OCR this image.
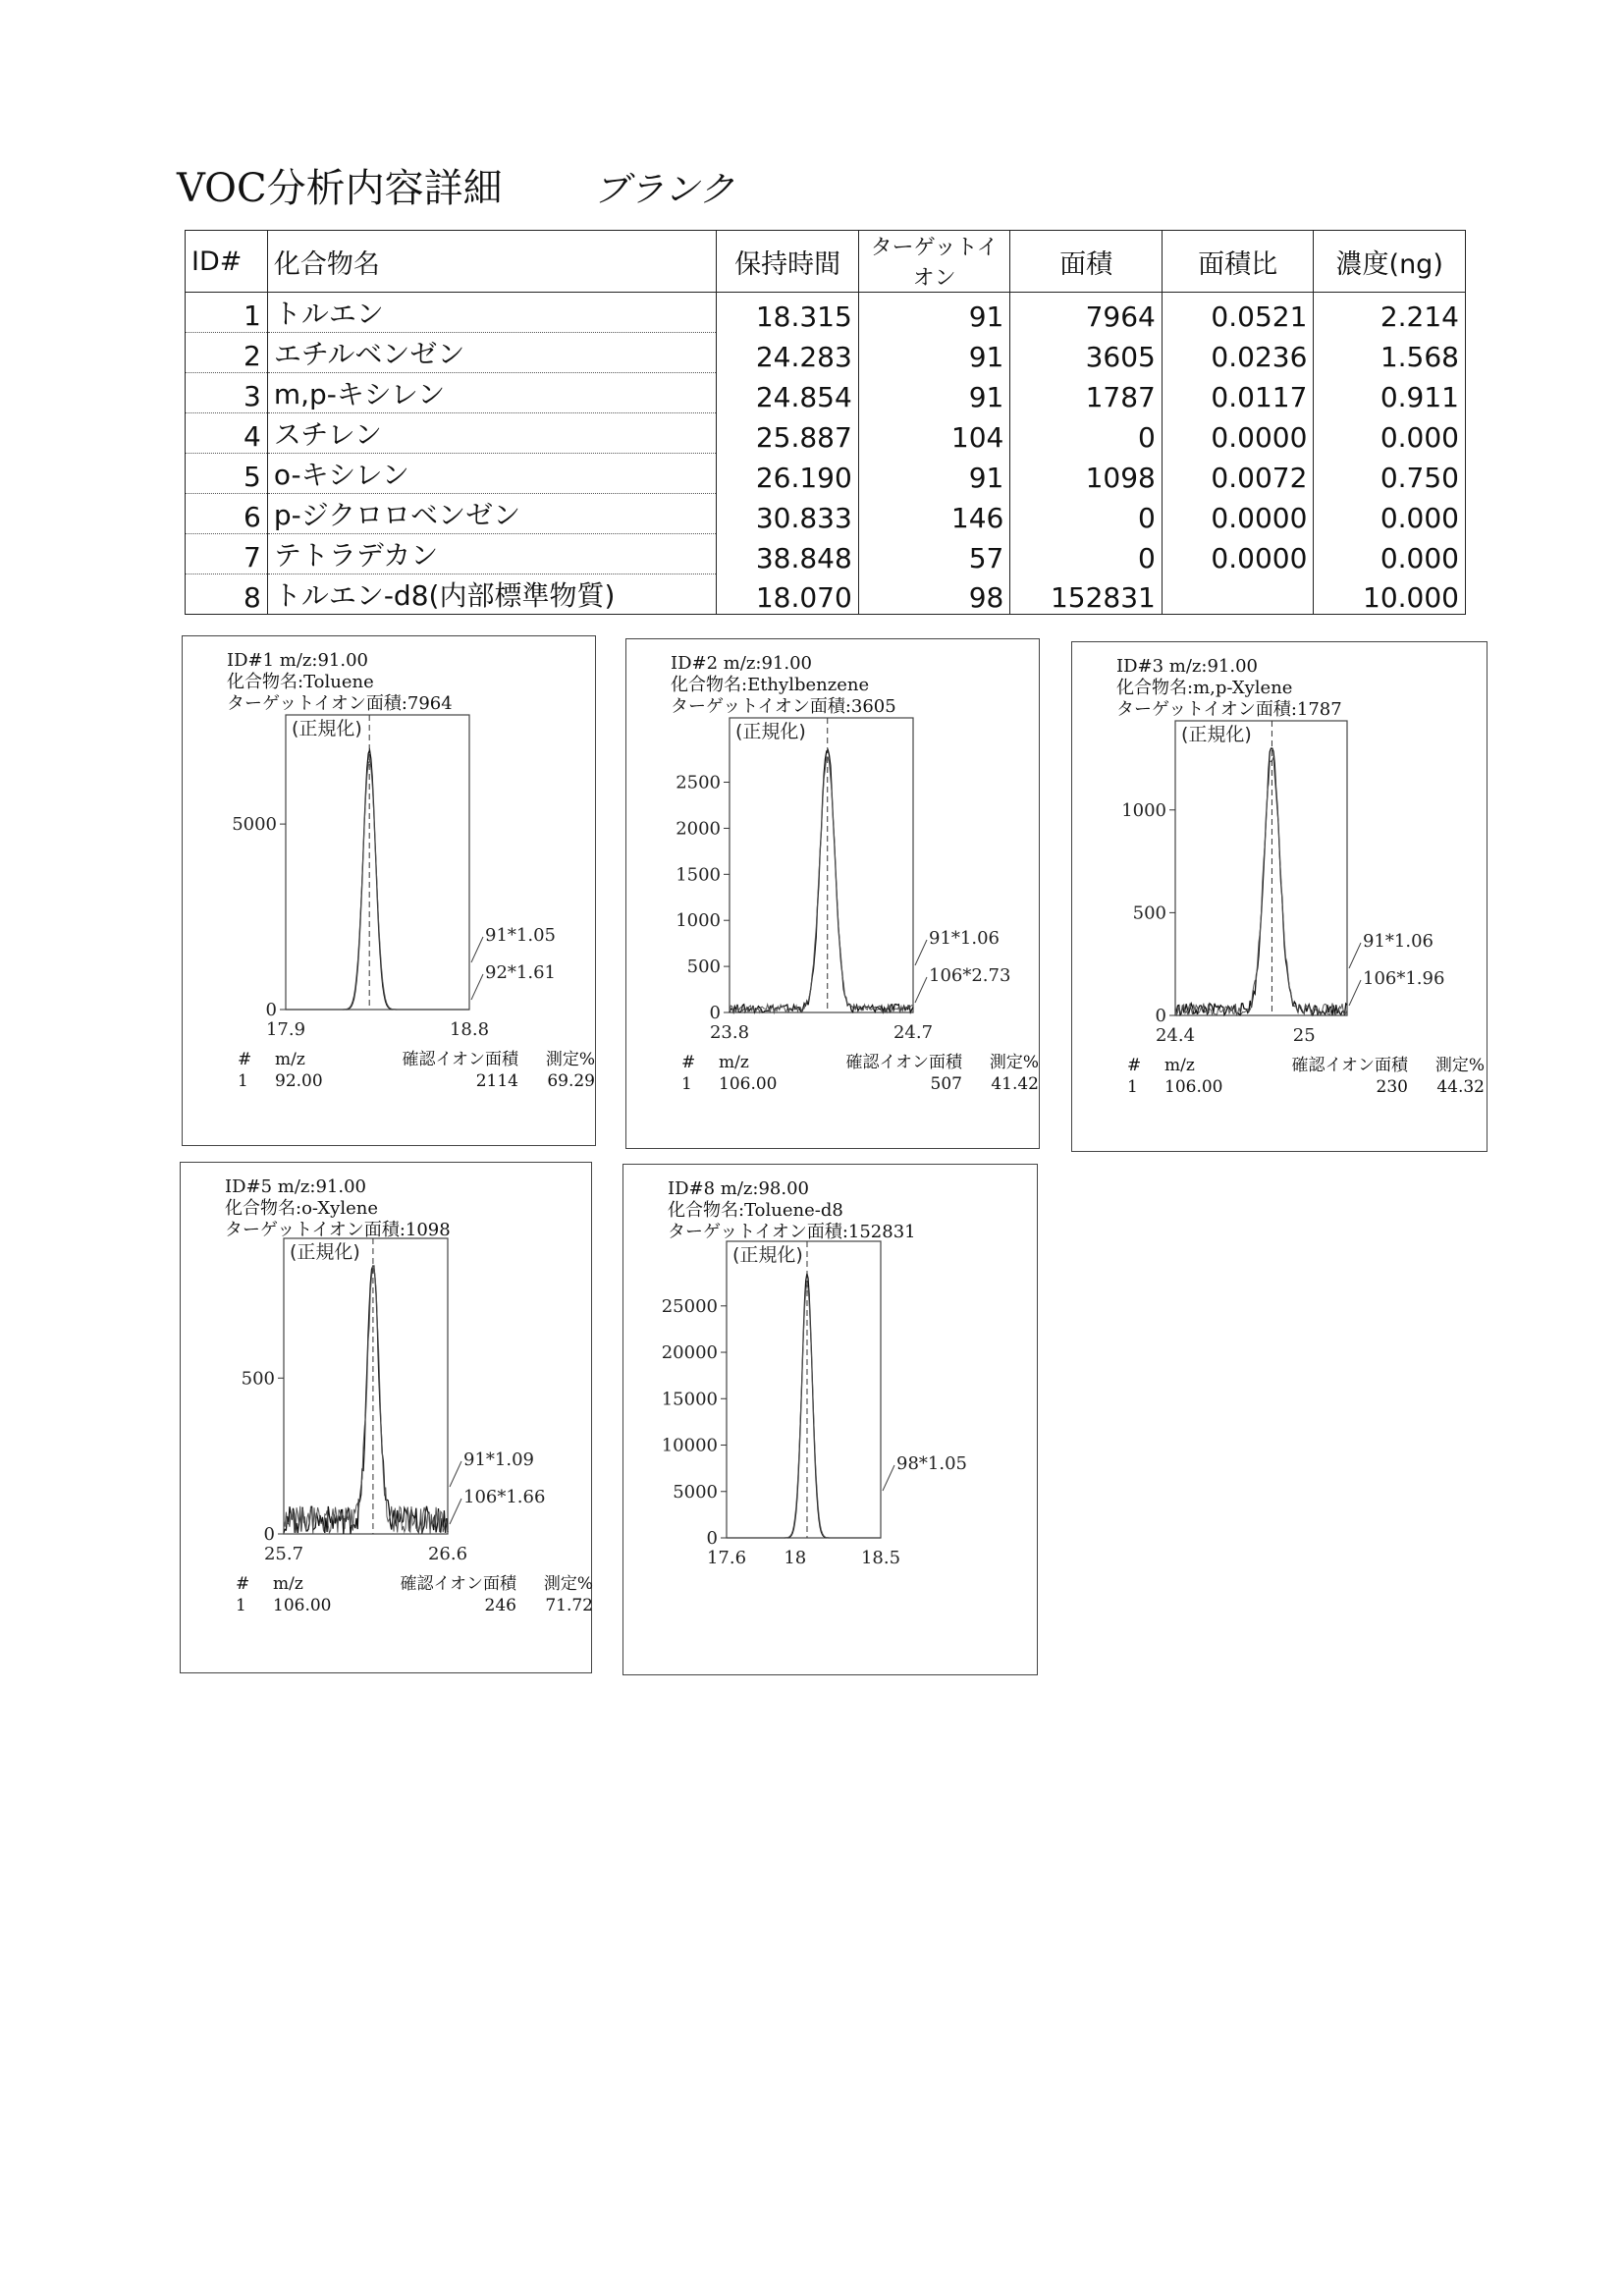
VOC分析内容詳細	ブランク
ID#	化合物名	保持時間	ターゲットイオン	面積	面積比	濃度(ng)
1	トルエン	18.315	91	7964	0.0521	2.214
2	エチルベンゼン	24.283	91	3605	0.0236	1.568
3	m,p-キシレン	24.854	91	1787	0.0117	0.911
4	スチレン	25.887	104	0	0.0000	0.000
5	o-キシレン	26.190	91	1098	0.0072	0.750
6	p-ジクロロベンゼン	30.833	146	0	0.0000	0.000
7	テトラデカン	38.848	57	0	0.0000	0.000
8	トルエン-d8(内部標準物質)	18.070	98	152831		10.000
ID#1 m/z:91.00
化合物名:Toluene
ターゲットイオン面積:7964
(正規化)
5000
0
17.9	18.8
91*1.05
92*1.61
#	m/z	確認イオン面積	測定%
1	92.00	2114	69.29
ID#2 m/z:91.00
化合物名:Ethylbenzene
ターゲットイオン面積:3605
(正規化)
2500
2000
1500
1000
500
0
23.8	24.7
91*1.06
106*2.73
#	m/z	確認イオン面積	測定%
1	106.00	507	41.42
ID#3 m/z:91.00
化合物名:m,p-Xylene
ターゲットイオン面積:1787
(正規化)
1000
500
0
24.4	25
91*1.06
106*1.96
#	m/z	確認イオン面積	測定%
1	106.00	230	44.32
ID#5 m/z:91.00
化合物名:o-Xylene
ターゲットイオン面積:1098
(正規化)
500
0
25.7	26.6
91*1.09
106*1.66
#	m/z	確認イオン面積	測定%
1	106.00	246	71.72
ID#8 m/z:98.00
化合物名:Toluene-d8
ターゲットイオン面積:152831
(正規化)
25000
20000
15000
10000
5000
0
17.6 18	18.5
98*1.05
